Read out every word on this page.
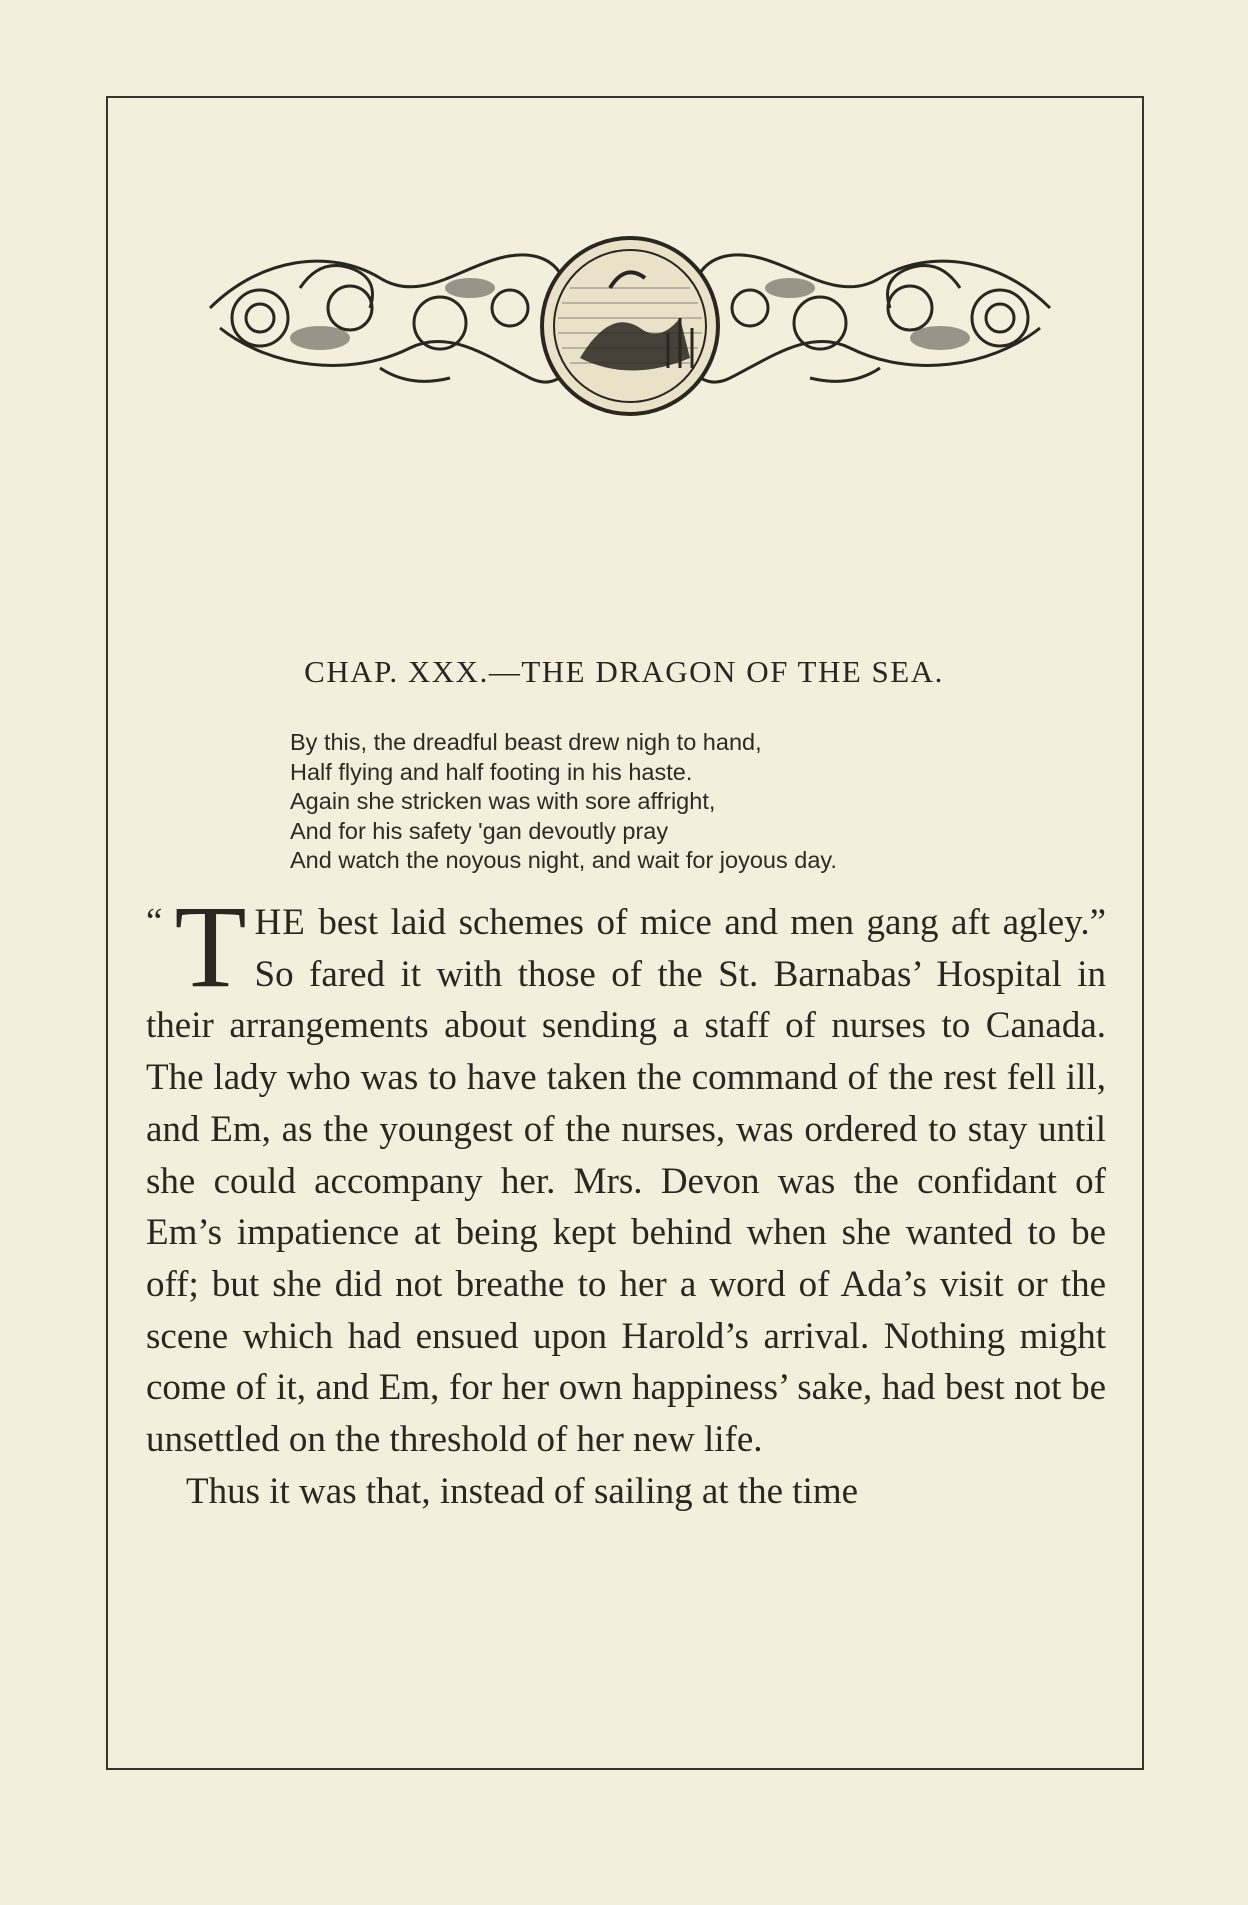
CHAP. XXX.—THE DRAGON OF THE SEA.
By this, the dreadful beast drew nigh to hand,
Half flying and half footing in his haste.
Again she stricken was with sore affright,
And for his safety 'gan devoutly pray
And watch the noyous night, and wait for joyous day.

“ T HE best laid schemes of mice and men gang aft agley.” So fared it with those of the St. Barnabas’ Hospital in their arrangements about sending a staff of nurses to Canada. The lady who was to have taken the command of the rest fell ill, and Em, as the youngest of the nurses, was ordered to stay until she could accompany her. Mrs. Devon was the confidant of Em’s impatience at being kept behind when she wanted to be off; but she did not breathe to her a word of Ada’s visit or the scene which had ensued upon Harold’s arrival. Nothing might come of it, and Em, for her own happiness’ sake, had best not be unsettled on the threshold of her new life.

Thus it was that, instead of sailing at the time
